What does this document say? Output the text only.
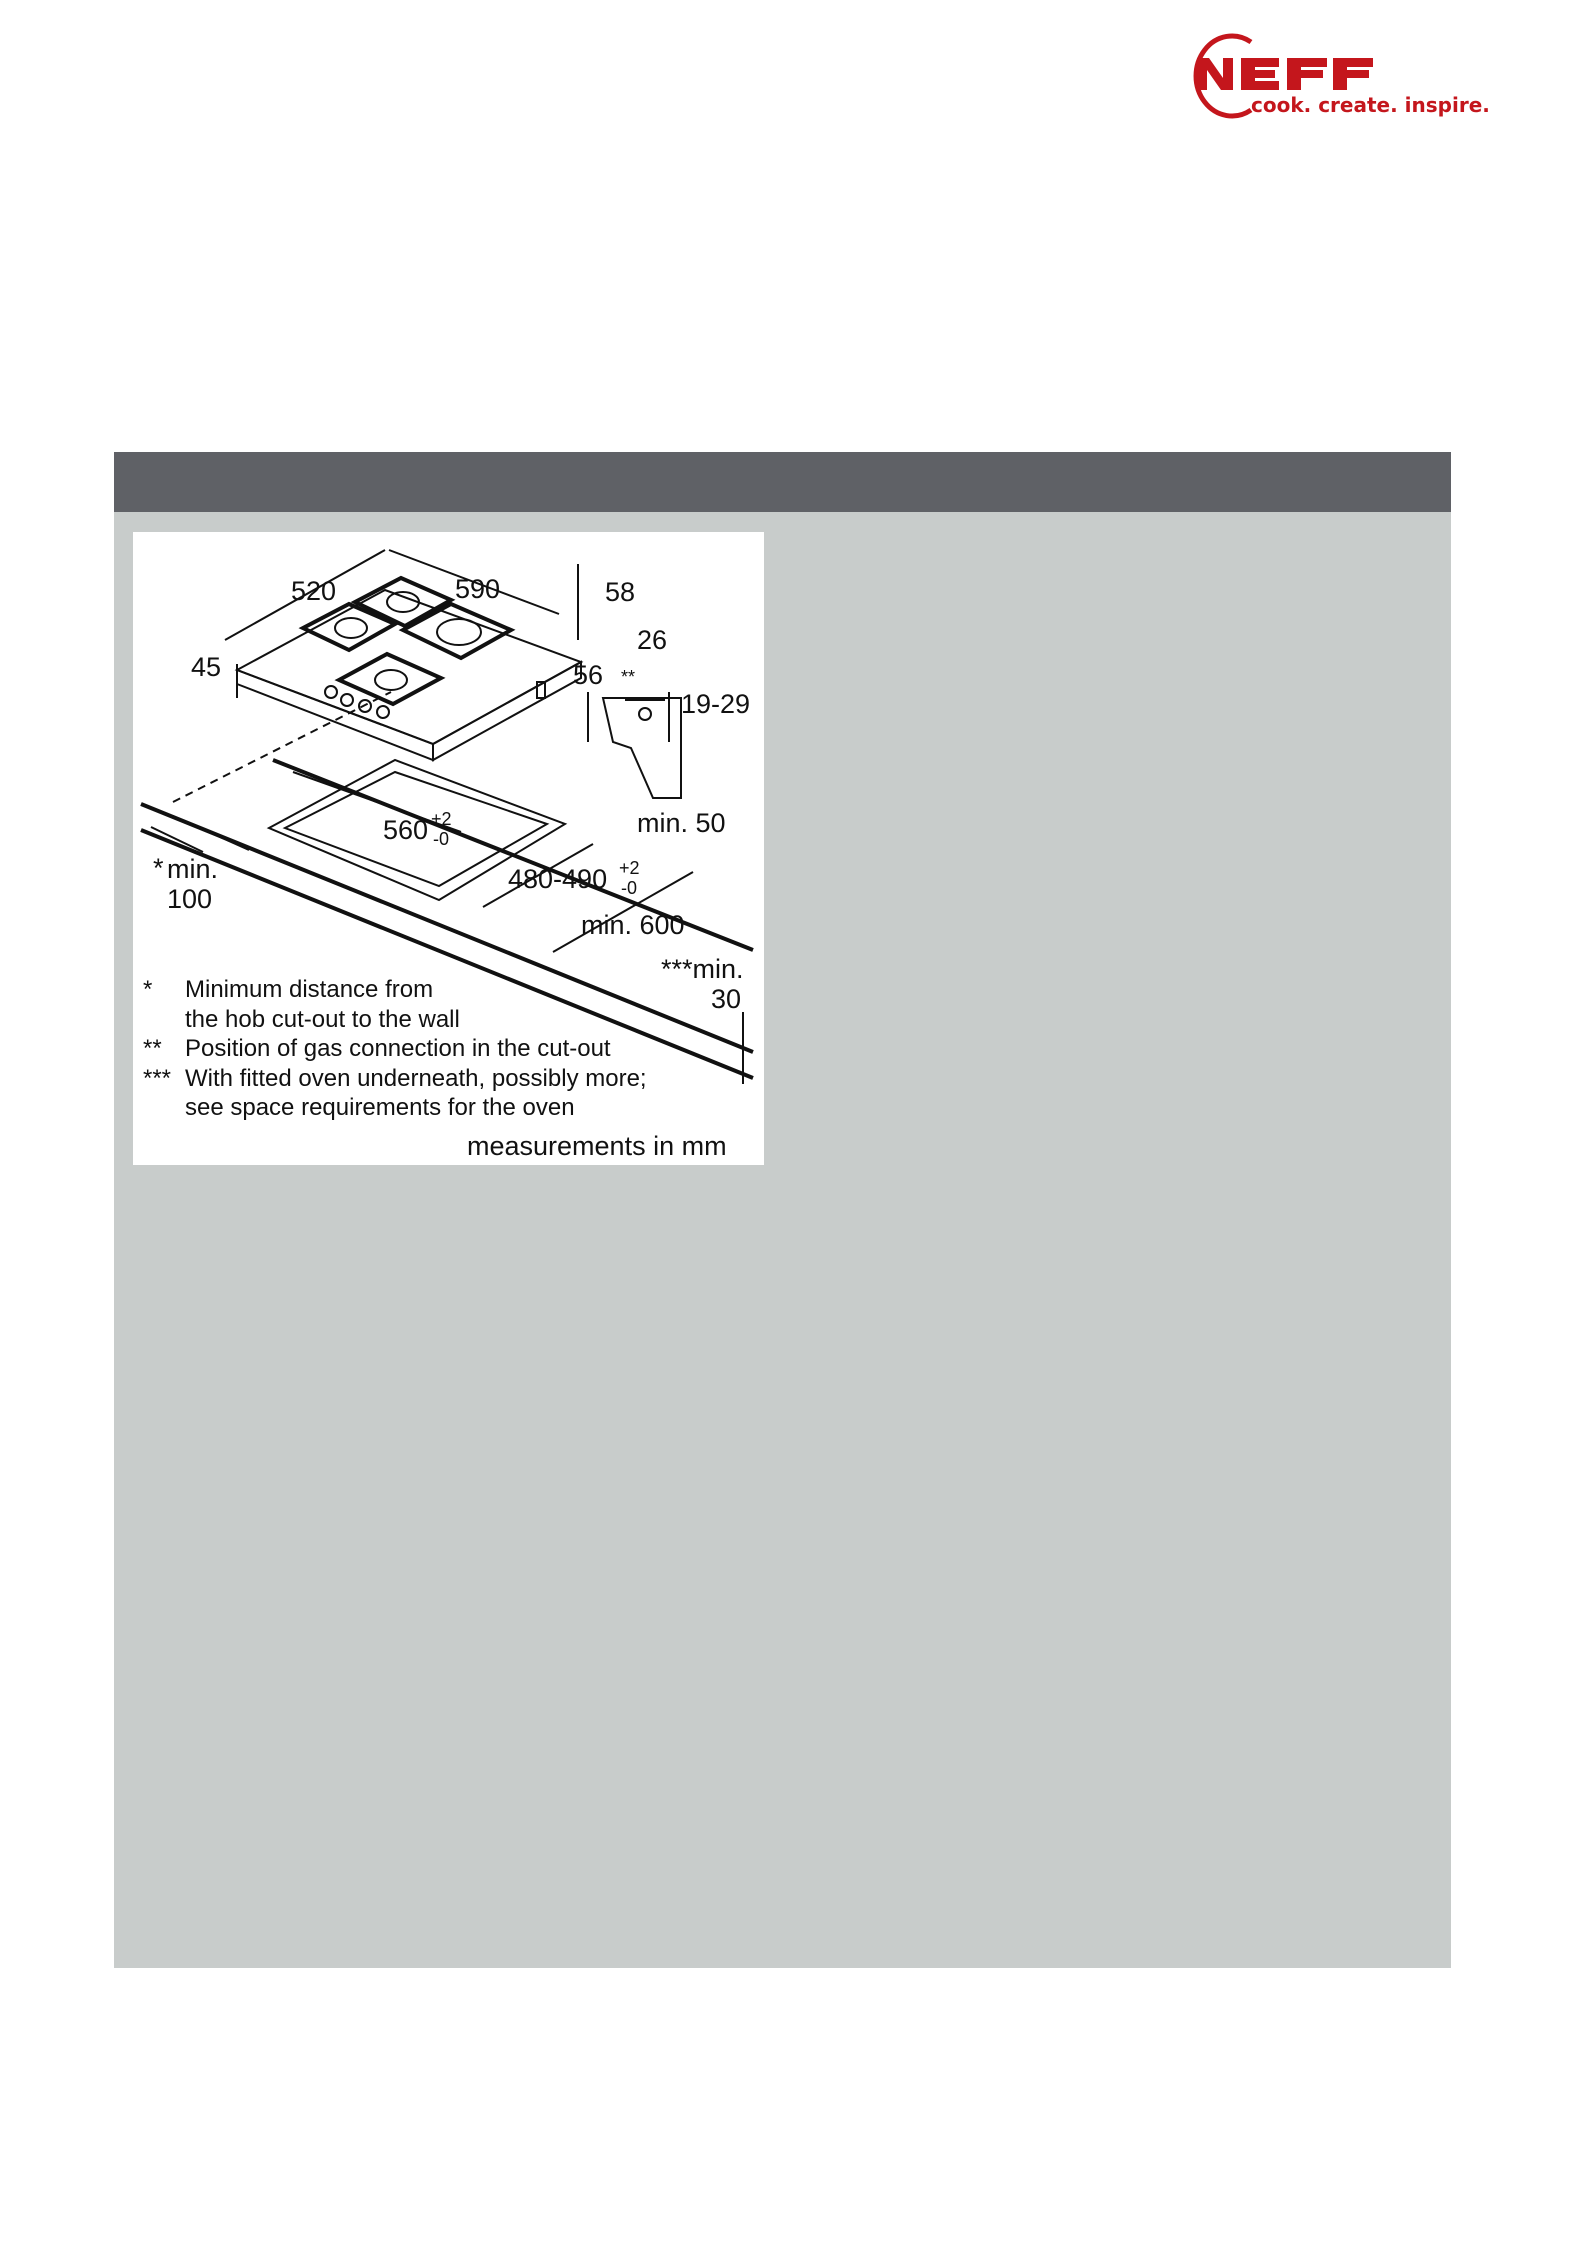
cook. create. inspire.
520	590	58
45
26
56 **
19-29
560 +2
-0
min. 50
* min.
100
480-490 +2
-0
min. 600
***min.
30
* Minimum distance from
the hob cut-out to the wall
** Position of gas connection in the cut-out
*** With fitted oven underneath, possibly more;
see space requirements for the oven
measurements in mm
